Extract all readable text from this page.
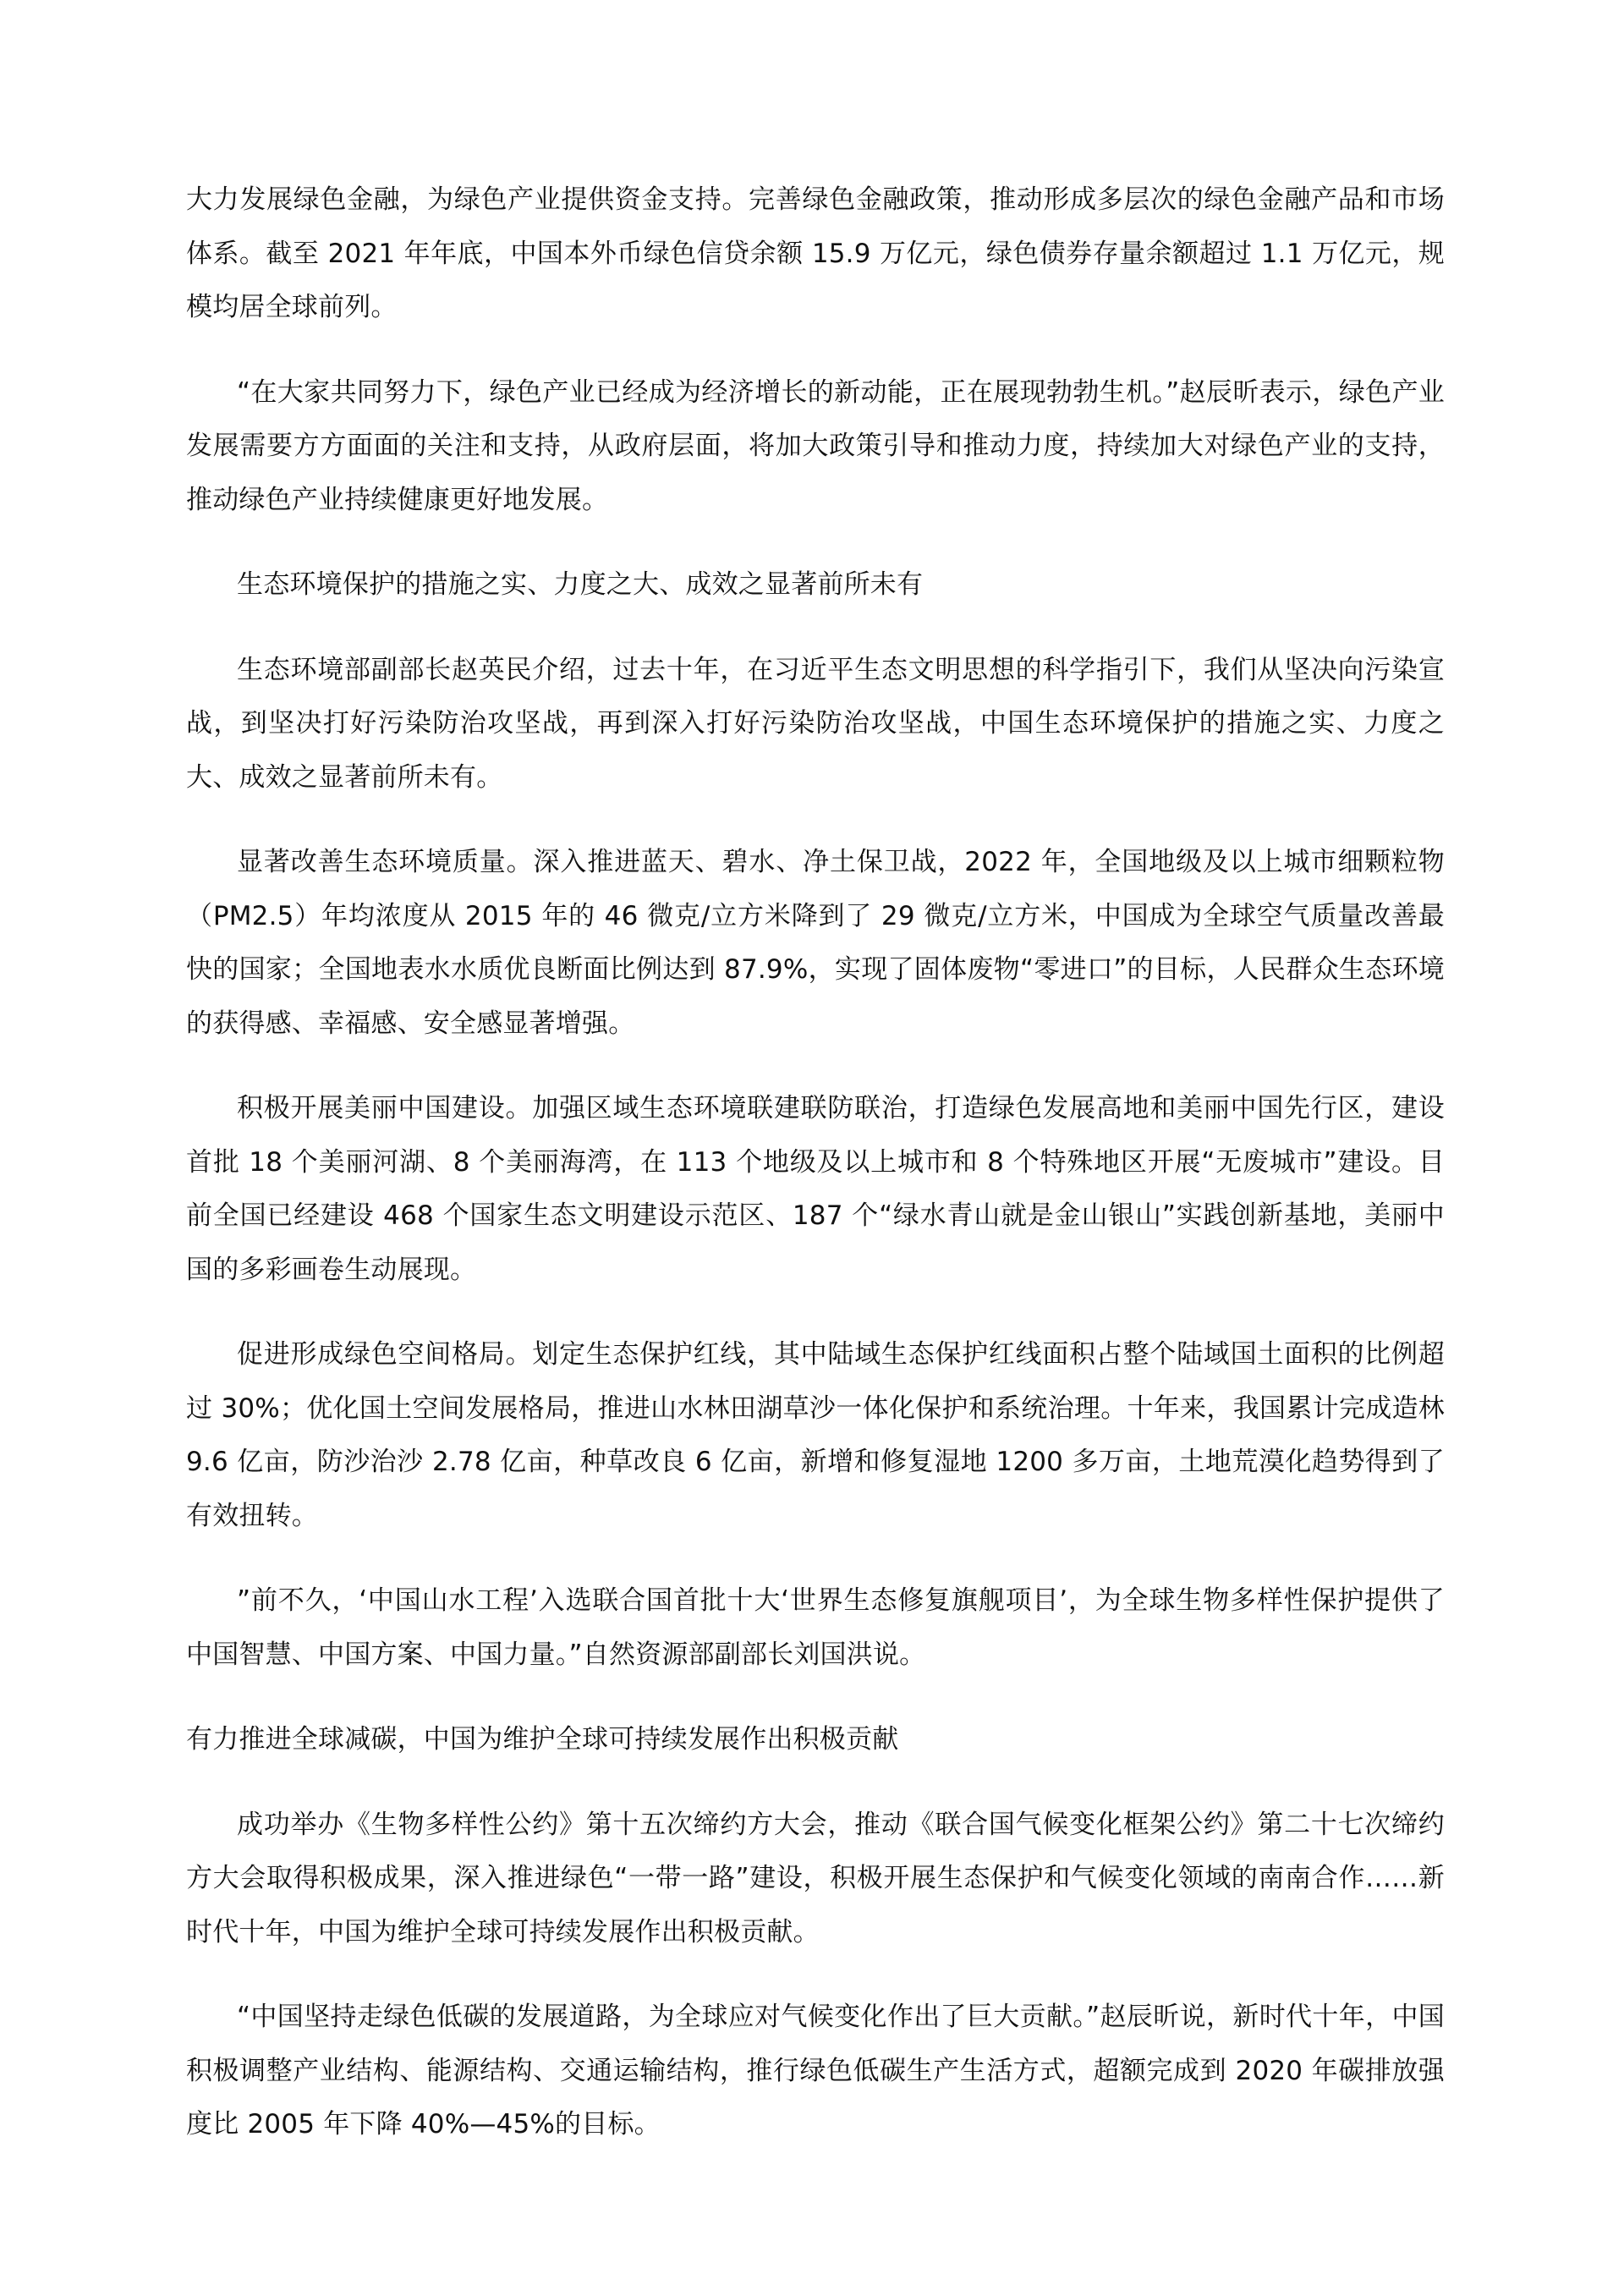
大力发展绿色金融，为绿色产业提供资金支持。完善绿色金融政策，推动形成多层次的绿色金融产品和市场体系。截至 2021 年年底，中国本外币绿色信贷余额 15.9 万亿元，绿色债券存量余额超过 1.1 万亿元，规模均居全球前列。

“在大家共同努力下，绿色产业已经成为经济增长的新动能，正在展现勃勃生机。”赵辰昕表示，绿色产业发展需要方方面面的关注和支持，从政府层面，将加大政策引导和推动力度，持续加大对绿色产业的支持，推动绿色产业持续健康更好地发展。

生态环境保护的措施之实、力度之大、成效之显著前所未有

生态环境部副部长赵英民介绍，过去十年，在习近平生态文明思想的科学指引下，我们从坚决向污染宣战，到坚决打好污染防治攻坚战，再到深入打好污染防治攻坚战，中国生态环境保护的措施之实、力度之大、成效之显著前所未有。

显著改善生态环境质量。深入推进蓝天、碧水、净土保卫战，2022 年，全国地级及以上城市细颗粒物（PM2.5）年均浓度从 2015 年的 46 微克/立方米降到了 29 微克/立方米，中国成为全球空气质量改善最快的国家；全国地表水水质优良断面比例达到 87.9%，实现了固体废物“零进口”的目标，人民群众生态环境的获得感、幸福感、安全感显著增强。

积极开展美丽中国建设。加强区域生态环境联建联防联治，打造绿色发展高地和美丽中国先行区，建设首批 18 个美丽河湖、8 个美丽海湾，在 113 个地级及以上城市和 8 个特殊地区开展“无废城市”建设。目前全国已经建设 468 个国家生态文明建设示范区、187 个“绿水青山就是金山银山”实践创新基地，美丽中国的多彩画卷生动展现。

促进形成绿色空间格局。划定生态保护红线，其中陆域生态保护红线面积占整个陆域国土面积的比例超过 30%；优化国土空间发展格局，推进山水林田湖草沙一体化保护和系统治理。十年来，我国累计完成造林 9.6 亿亩，防沙治沙 2.78 亿亩，种草改良 6 亿亩，新增和修复湿地 1200 多万亩，土地荒漠化趋势得到了有效扭转。

”前不久，‘中国山水工程’入选联合国首批十大‘世界生态修复旗舰项目’，为全球生物多样性保护提供了中国智慧、中国方案、中国力量。”自然资源部副部长刘国洪说。

有力推进全球减碳，中国为维护全球可持续发展作出积极贡献

成功举办《生物多样性公约》第十五次缔约方大会，推动《联合国气候变化框架公约》第二十七次缔约方大会取得积极成果，深入推进绿色“一带一路”建设，积极开展生态保护和气候变化领域的南南合作……新时代十年，中国为维护全球可持续发展作出积极贡献。

“中国坚持走绿色低碳的发展道路，为全球应对气候变化作出了巨大贡献。”赵辰昕说，新时代十年，中国积极调整产业结构、能源结构、交通运输结构，推行绿色低碳生产生活方式，超额完成到 2020 年碳排放强度比 2005 年下降 40%—45%的目标。
